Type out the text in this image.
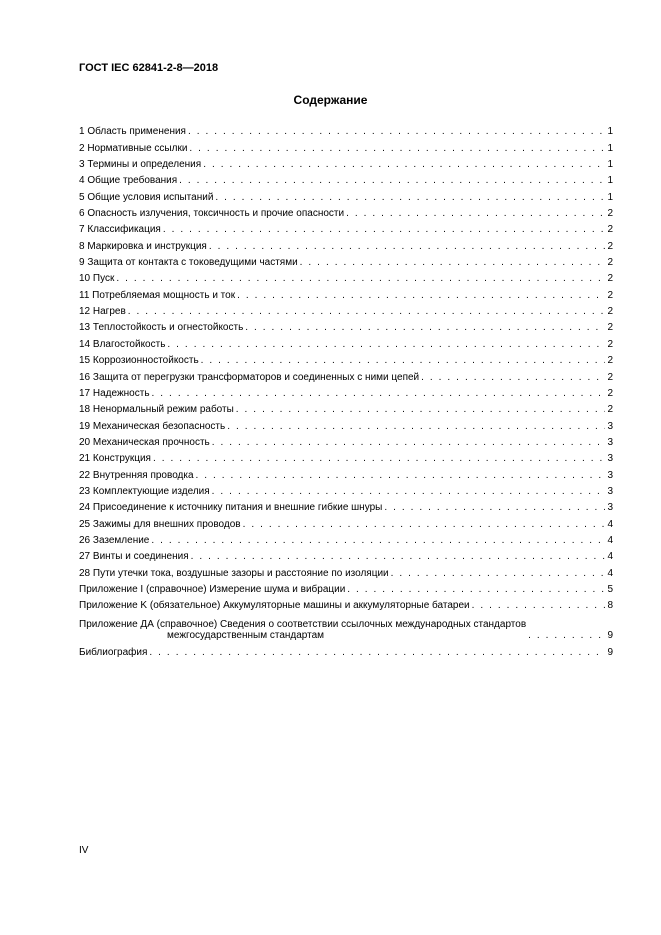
ГОСТ IEC 62841-2-8—2018
Содержание
1 Область применения . . .	1
2 Нормативные ссылки . . .	1
3 Термины и определения . . .	1
4 Общие требования . . .	1
5 Общие условия испытаний . . .	1
6 Опасность излучения, токсичность и прочие опасности . . .	2
7 Классификация . . .	2
8 Маркировка и инструкция . . .	2
9 Защита от контакта с токоведущими частями . . .	2
10 Пуск . . .	2
11 Потребляемая мощность и ток . . .	2
12 Нагрев . . .	2
13 Теплостойкость и огнестойкость . . .	2
14 Влагостойкость . . .	2
15 Коррозионностойкость . . .	2
16 Защита от перегрузки трансформаторов и соединенных с ними цепей . . .	2
17 Надежность . . .	2
18 Ненормальный режим работы . . .	2
19 Механическая безопасность . . .	3
20 Механическая прочность . . .	3
21 Конструкция . . .	3
22 Внутренняя проводка . . .	3
23 Комплектующие изделия . . .	3
24 Присоединение к источнику питания и внешние гибкие шнуры . . .	3
25 Зажимы для внешних проводов . . .	4
26 Заземление . . .	4
27 Винты и соединения . . .	4
28 Пути утечки тока, воздушные зазоры и расстояние по изоляции . . .	4
Приложение I (справочное) Измерение шума и вибрации . . .	5
Приложение K (обязательное) Аккумуляторные машины и аккумуляторные батареи . . .	8
Приложение ДА (справочное) Сведения о соответствии ссылочных международных стандартов
межгосударственным стандартам . . .	9
Библиография . . .	9
IV
